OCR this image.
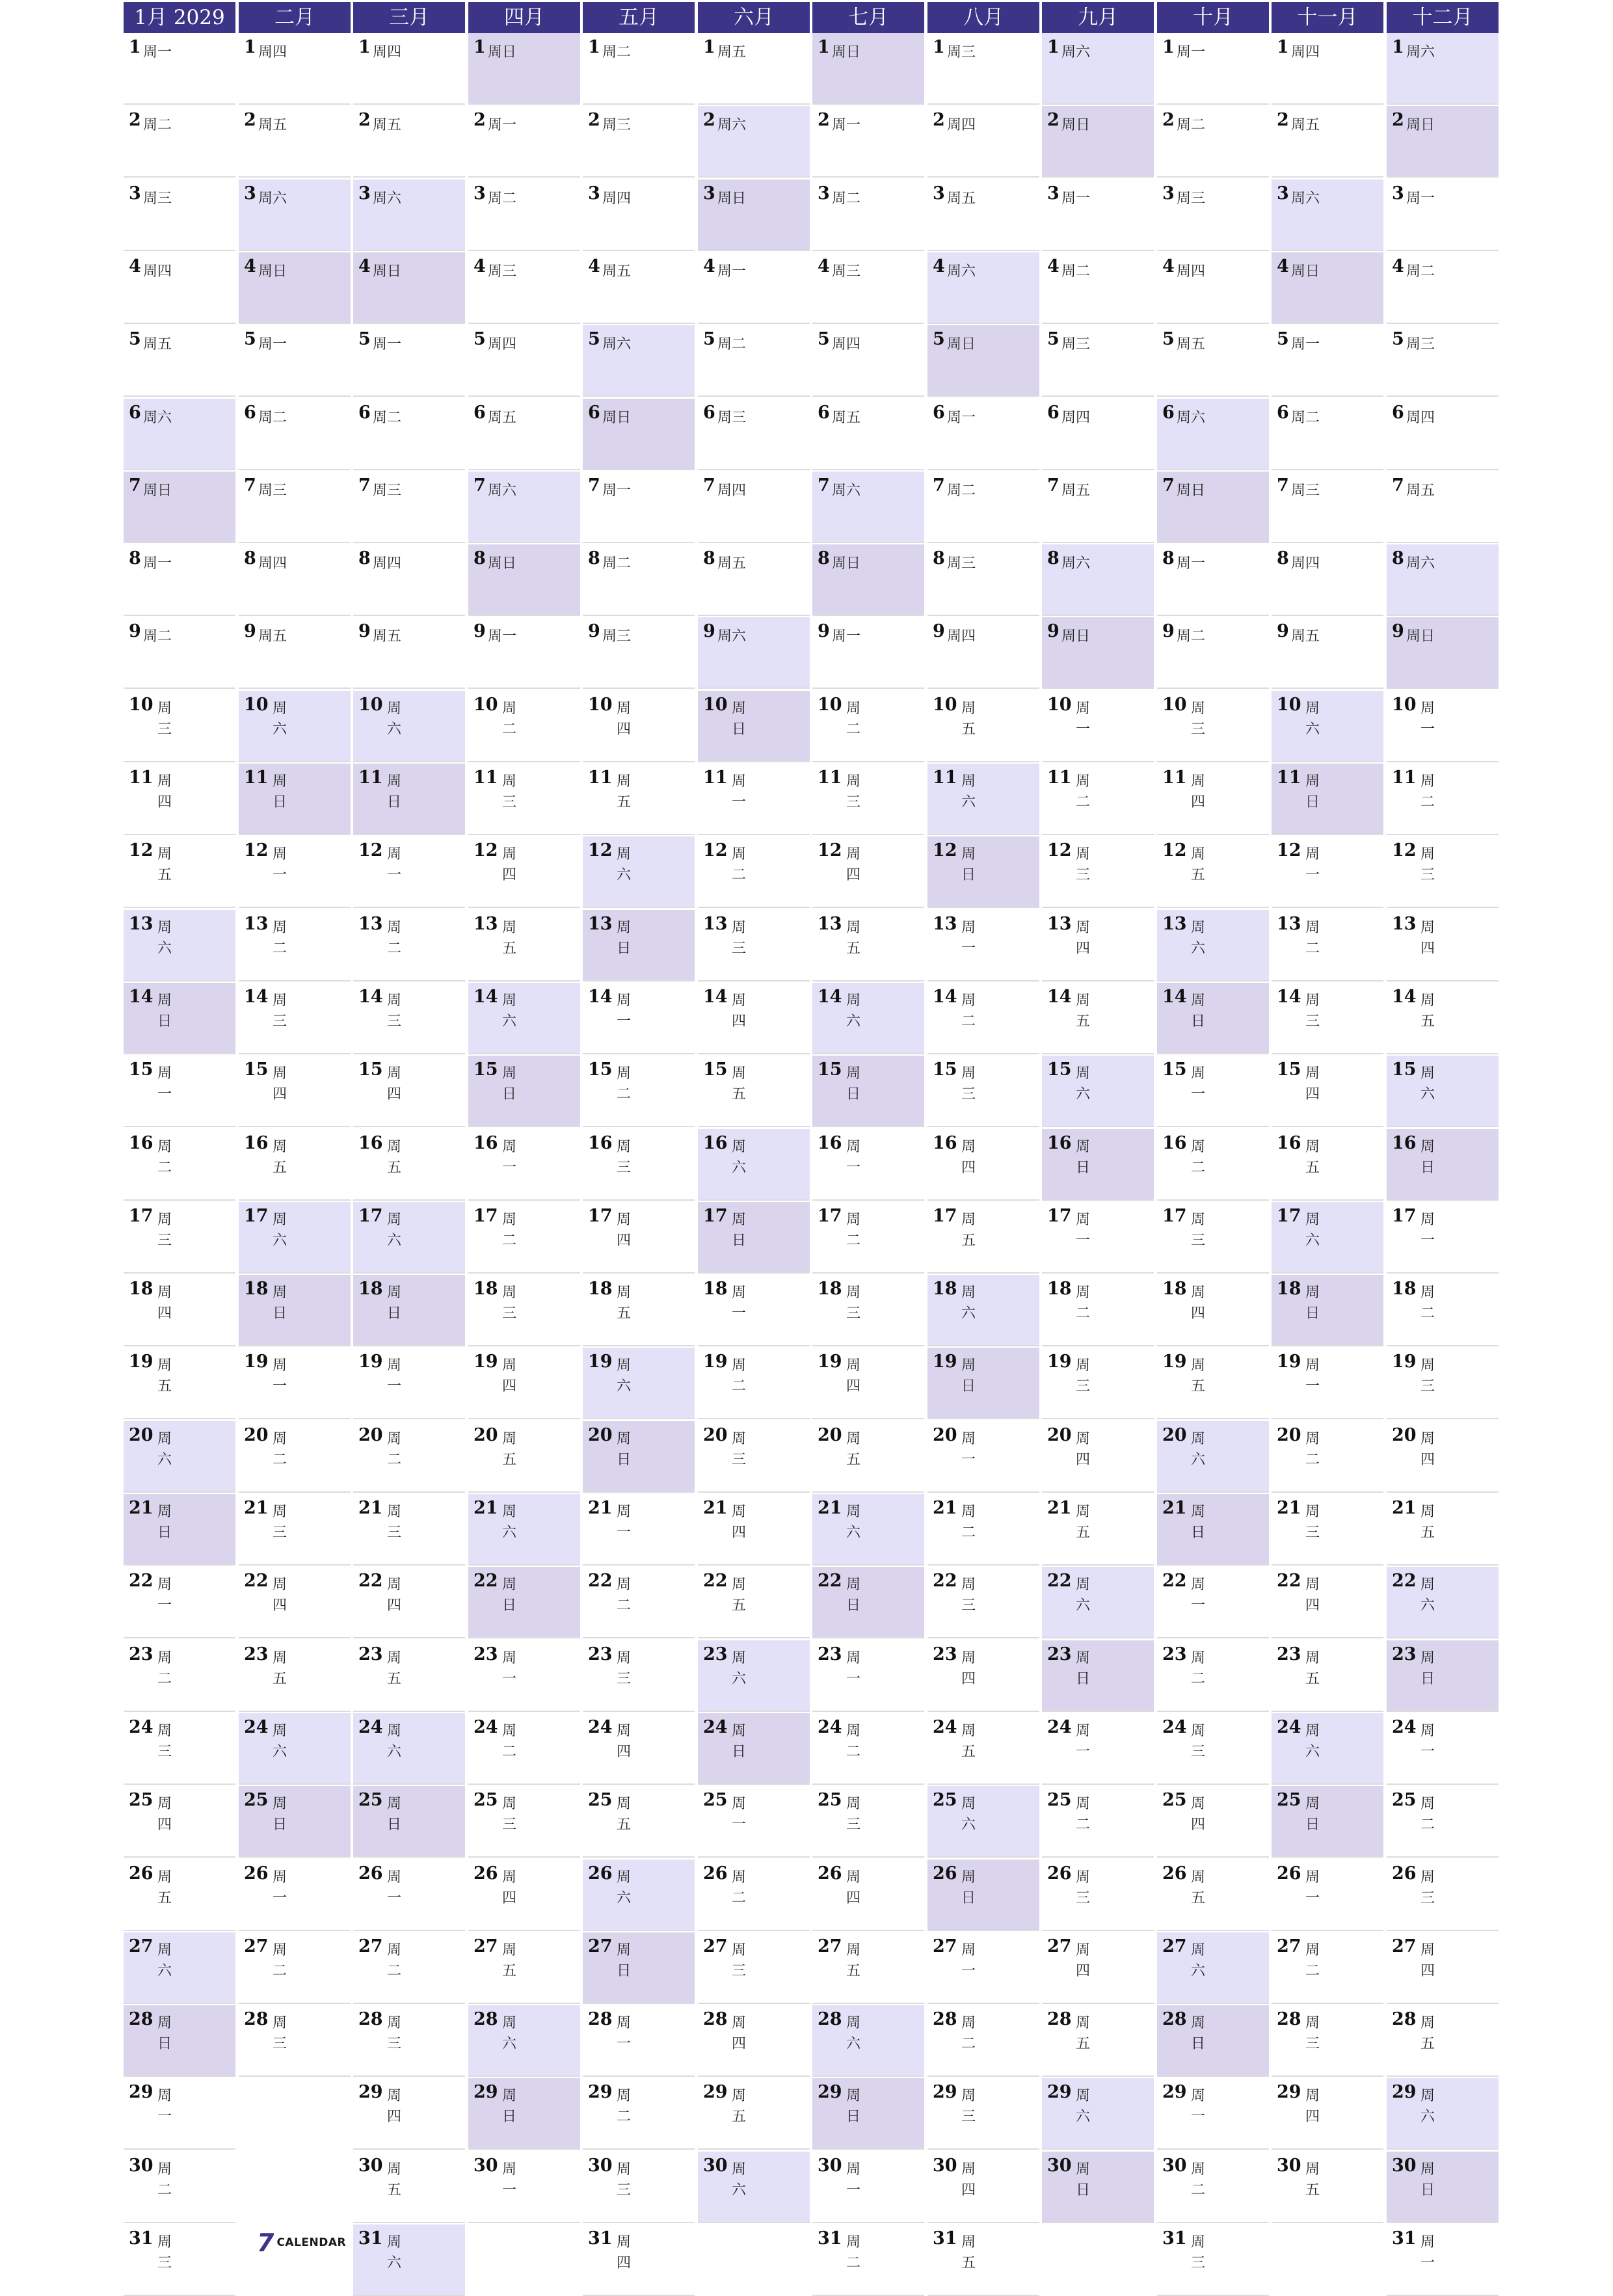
1月 2029
1 周一
2 周二
3 周三
4 周四
5 周五
6 周六
7 周日
8 周一
9 周二
10 周三
11 周四
12 周五
13 周六
14 周日
15 周一
16 周二
17 周三
18 周四
19 周五
20 周六
21 周日
22 周一
23 周二
24 周三
25 周四
26 周五
27 周六
28 周日
29 周一
30 周二
31 周三
二月
1 周四
2 周五
3 周六
4 周日
5 周一
6 周二
7 周三
8 周四
9 周五
10 周六
11 周日
12 周一
13 周二
14 周三
15 周四
16 周五
17 周六
18 周日
19 周一
20 周二
21 周三
22 周四
23 周五
24 周六
25 周日
26 周一
27 周二
28 周三
三月
1 周四
2 周五
3 周六
4 周日
5 周一
6 周二
7 周三
8 周四
9 周五
10 周六
11 周日
12 周一
13 周二
14 周三
15 周四
16 周五
17 周六
18 周日
19 周一
20 周二
21 周三
22 周四
23 周五
24 周六
25 周日
26 周一
27 周二
28 周三
29 周四
30 周五
31 周六
四月
1 周日
2 周一
3 周二
4 周三
5 周四
6 周五
7 周六
8 周日
9 周一
10 周二
11 周三
12 周四
13 周五
14 周六
15 周日
16 周一
17 周二
18 周三
19 周四
20 周五
21 周六
22 周日
23 周一
24 周二
25 周三
26 周四
27 周五
28 周六
29 周日
30 周一
五月
1 周二
2 周三
3 周四
4 周五
5 周六
6 周日
7 周一
8 周二
9 周三
10 周四
11 周五
12 周六
13 周日
14 周一
15 周二
16 周三
17 周四
18 周五
19 周六
20 周日
21 周一
22 周二
23 周三
24 周四
25 周五
26 周六
27 周日
28 周一
29 周二
30 周三
31 周四
六月
1 周五
2 周六
3 周日
4 周一
5 周二
6 周三
7 周四
8 周五
9 周六
10 周日
11 周一
12 周二
13 周三
14 周四
15 周五
16 周六
17 周日
18 周一
19 周二
20 周三
21 周四
22 周五
23 周六
24 周日
25 周一
26 周二
27 周三
28 周四
29 周五
30 周六
七月
1 周日
2 周一
3 周二
4 周三
5 周四
6 周五
7 周六
8 周日
9 周一
10 周二
11 周三
12 周四
13 周五
14 周六
15 周日
16 周一
17 周二
18 周三
19 周四
20 周五
21 周六
22 周日
23 周一
24 周二
25 周三
26 周四
27 周五
28 周六
29 周日
30 周一
31 周二
八月
1 周三
2 周四
3 周五
4 周六
5 周日
6 周一
7 周二
8 周三
9 周四
10 周五
11 周六
12 周日
13 周一
14 周二
15 周三
16 周四
17 周五
18 周六
19 周日
20 周一
21 周二
22 周三
23 周四
24 周五
25 周六
26 周日
27 周一
28 周二
29 周三
30 周四
31 周五
九月
1 周六
2 周日
3 周一
4 周二
5 周三
6 周四
7 周五
8 周六
9 周日
10 周一
11 周二
12 周三
13 周四
14 周五
15 周六
16 周日
17 周一
18 周二
19 周三
20 周四
21 周五
22 周六
23 周日
24 周一
25 周二
26 周三
27 周四
28 周五
29 周六
30 周日
十月
1 周一
2 周二
3 周三
4 周四
5 周五
6 周六
7 周日
8 周一
9 周二
10 周三
11 周四
12 周五
13 周六
14 周日
15 周一
16 周二
17 周三
18 周四
19 周五
20 周六
21 周日
22 周一
23 周二
24 周三
25 周四
26 周五
27 周六
28 周日
29 周一
30 周二
31 周三
十一月
1 周四
2 周五
3 周六
4 周日
5 周一
6 周二
7 周三
8 周四
9 周五
10 周六
11 周日
12 周一
13 周二
14 周三
15 周四
16 周五
17 周六
18 周日
19 周一
20 周二
21 周三
22 周四
23 周五
24 周六
25 周日
26 周一
27 周二
28 周三
29 周四
30 周五
十二月
1 周六
2 周日
3 周一
4 周二
5 周三
6 周四
7 周五
8 周六
9 周日
10 周一
11 周二
12 周三
13 周四
14 周五
15 周六
16 周日
17 周一
18 周二
19 周三
20 周四
21 周五
22 周六
23 周日
24 周一
25 周二
26 周三
27 周四
28 周五
29 周六
30 周日
31 周一
7 CALENDAR
